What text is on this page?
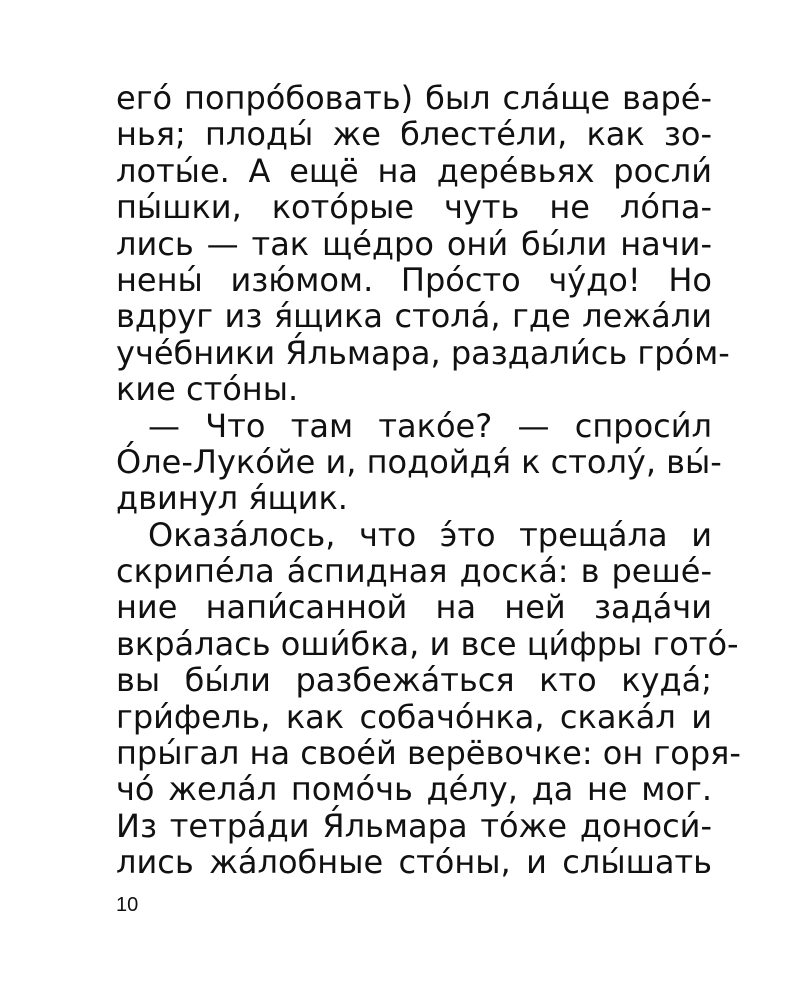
его́ попро́бовать) был сла́ще варе́-
нья; плоды́ же блесте́ли, как зо-
лоты́е. А ещё на дере́вьях росли́
пы́шки, кото́рые чуть не ло́па-
лись — так ще́дро они́ бы́ли начи-
нены́ изю́мом. Про́сто чу́до! Но
вдруг из я́щика стола́, где лежа́ли
уче́бники Я́льмара, раздали́сь гро́м-
кие сто́ны.
— Что там тако́е? — спроси́л
О́ле-Луко́йе и, подойдя́ к столу́, вы́-
двинул я́щик.
Оказа́лось, что э́то треща́ла и
скрипе́ла а́спидная доска́: в реше́-
ние напи́санной на ней зада́чи
вкра́лась оши́бка, и все ци́фры гото́-
вы бы́ли разбежа́ться кто куда́;
гри́фель, как собачо́нка, скака́л и
пры́гал на свое́й верёвочке: он горя-
чо́ жела́л помо́чь де́лу, да не мог.
Из тетра́ди Я́льмара то́же доноси́-
лись жа́лобные сто́ны, и слы́шать
10
